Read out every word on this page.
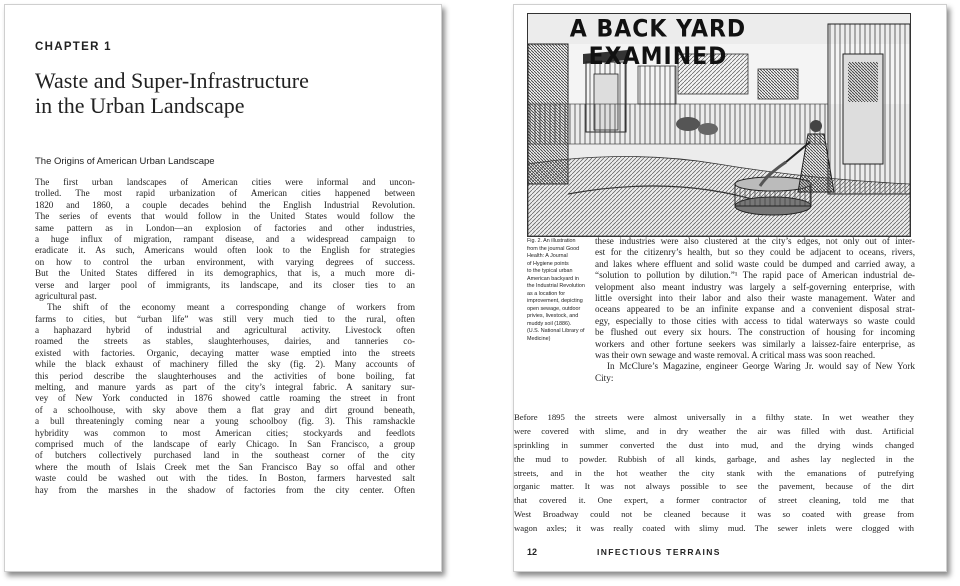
CHAPTER 1
Waste and Super-Infrastructure
in the Urban Landscape
The Origins of American Urban Landscape
The first urban landscapes of American cities were informal and uncon-
trolled. The most rapid urbanization of American cities happened between
1820 and 1860, a couple decades behind the English Industrial Revolution.
The series of events that would follow in the United States would follow the
same pattern as in London—an explosion of factories and other industries,
a huge influx of migration, rampant disease, and a widespread campaign to
eradicate it. As such, Americans would often look to the English for strategies
on how to control the urban environment, with varying degrees of success.
But the United States differed in its demographics, that is, a much more di-
verse and larger pool of immigrants, its landscape, and its closer ties to an
agricultural past.
The shift of the economy meant a corresponding change of workers from
farms to cities, but “urban life” was still very much tied to the rural, often
a haphazard hybrid of industrial and agricultural activity. Livestock often
roamed the streets as stables, slaughterhouses, dairies, and tanneries co-
existed with factories. Organic, decaying matter wase emptied into the streets
while the black exhaust of machinery filled the sky (fig. 2). Many accounts of
this period describe the slaughterhouses and the activities of bone boiling, fat
melting, and manure yards as part of the city’s integral fabric. A sanitary sur-
vey of New York conducted in 1876 showed cattle roaming the street in front
of a schoolhouse, with sky above them a flat gray and dirt ground beneath,
a bull threateningly coming near a young schoolboy (fig. 3). This ramshackle
hybridity was common to most American cities; stockyards and feedlots
comprised much of the landscape of early Chicago. In San Francisco, a group
of butchers collectively purchased land in the southeast corner of the city
where the mouth of Islais Creek met the San Francisco Bay so offal and other
waste could be washed out with the tides. In Boston, farmers harvested salt
hay from the marshes in the shadow of factories from the city center. Often
A BACK YARD EXAMINED
Fig. 2. An illustration
from the journal Good
Health: A Journal
of Hygiene points
to the typical urban
American backyard in
the Industrial Revolution
as a location for
improvement, depicting
open sewage, outdoor
privies, livestock, and
muddy soil (1886).
(U.S. National Library of
Medicine)
these industries were also clustered at the city’s edges, not only out of inter-
est for the citizenry’s health, but so they could be adjacent to oceans, rivers,
and lakes where effluent and solid waste could be dumped and carried away, a
“solution to pollution by dilution.”¹ The rapid pace of American industrial de-
velopment also meant industry was largely a self-governing enterprise, with
little oversight into their labor and also their waste management. Water and
oceans appeared to be an infinite expanse and a convenient disposal strat-
egy, especially to those cities with access to tidal waterways so waste could
be flushed out every six hours. The construction of housing for incoming
workers and other fortune seekers was similarly a laissez-faire enterprise, as
was their own sewage and waste removal. A critical mass was soon reached.
In McClure’s Magazine, engineer George Waring Jr. would say of New York
City:
Before 1895 the streets were almost universally in a filthy state. In wet weather they
were covered with slime, and in dry weather the air was filled with dust. Artificial
sprinkling in summer converted the dust into mud, and the drying winds changed
the mud to powder. Rubbish of all kinds, garbage, and ashes lay neglected in the
streets, and in the hot weather the city stank with the emanations of putrefying
organic matter. It was not always possible to see the pavement, because of the dirt
that covered it. One expert, a former contractor of street cleaning, told me that
West Broadway could not be cleaned because it was so coated with grease from
wagon axles; it was really coated with slimy mud. The sewer inlets were clogged with
12	INFECTIOUS TERRAINS
